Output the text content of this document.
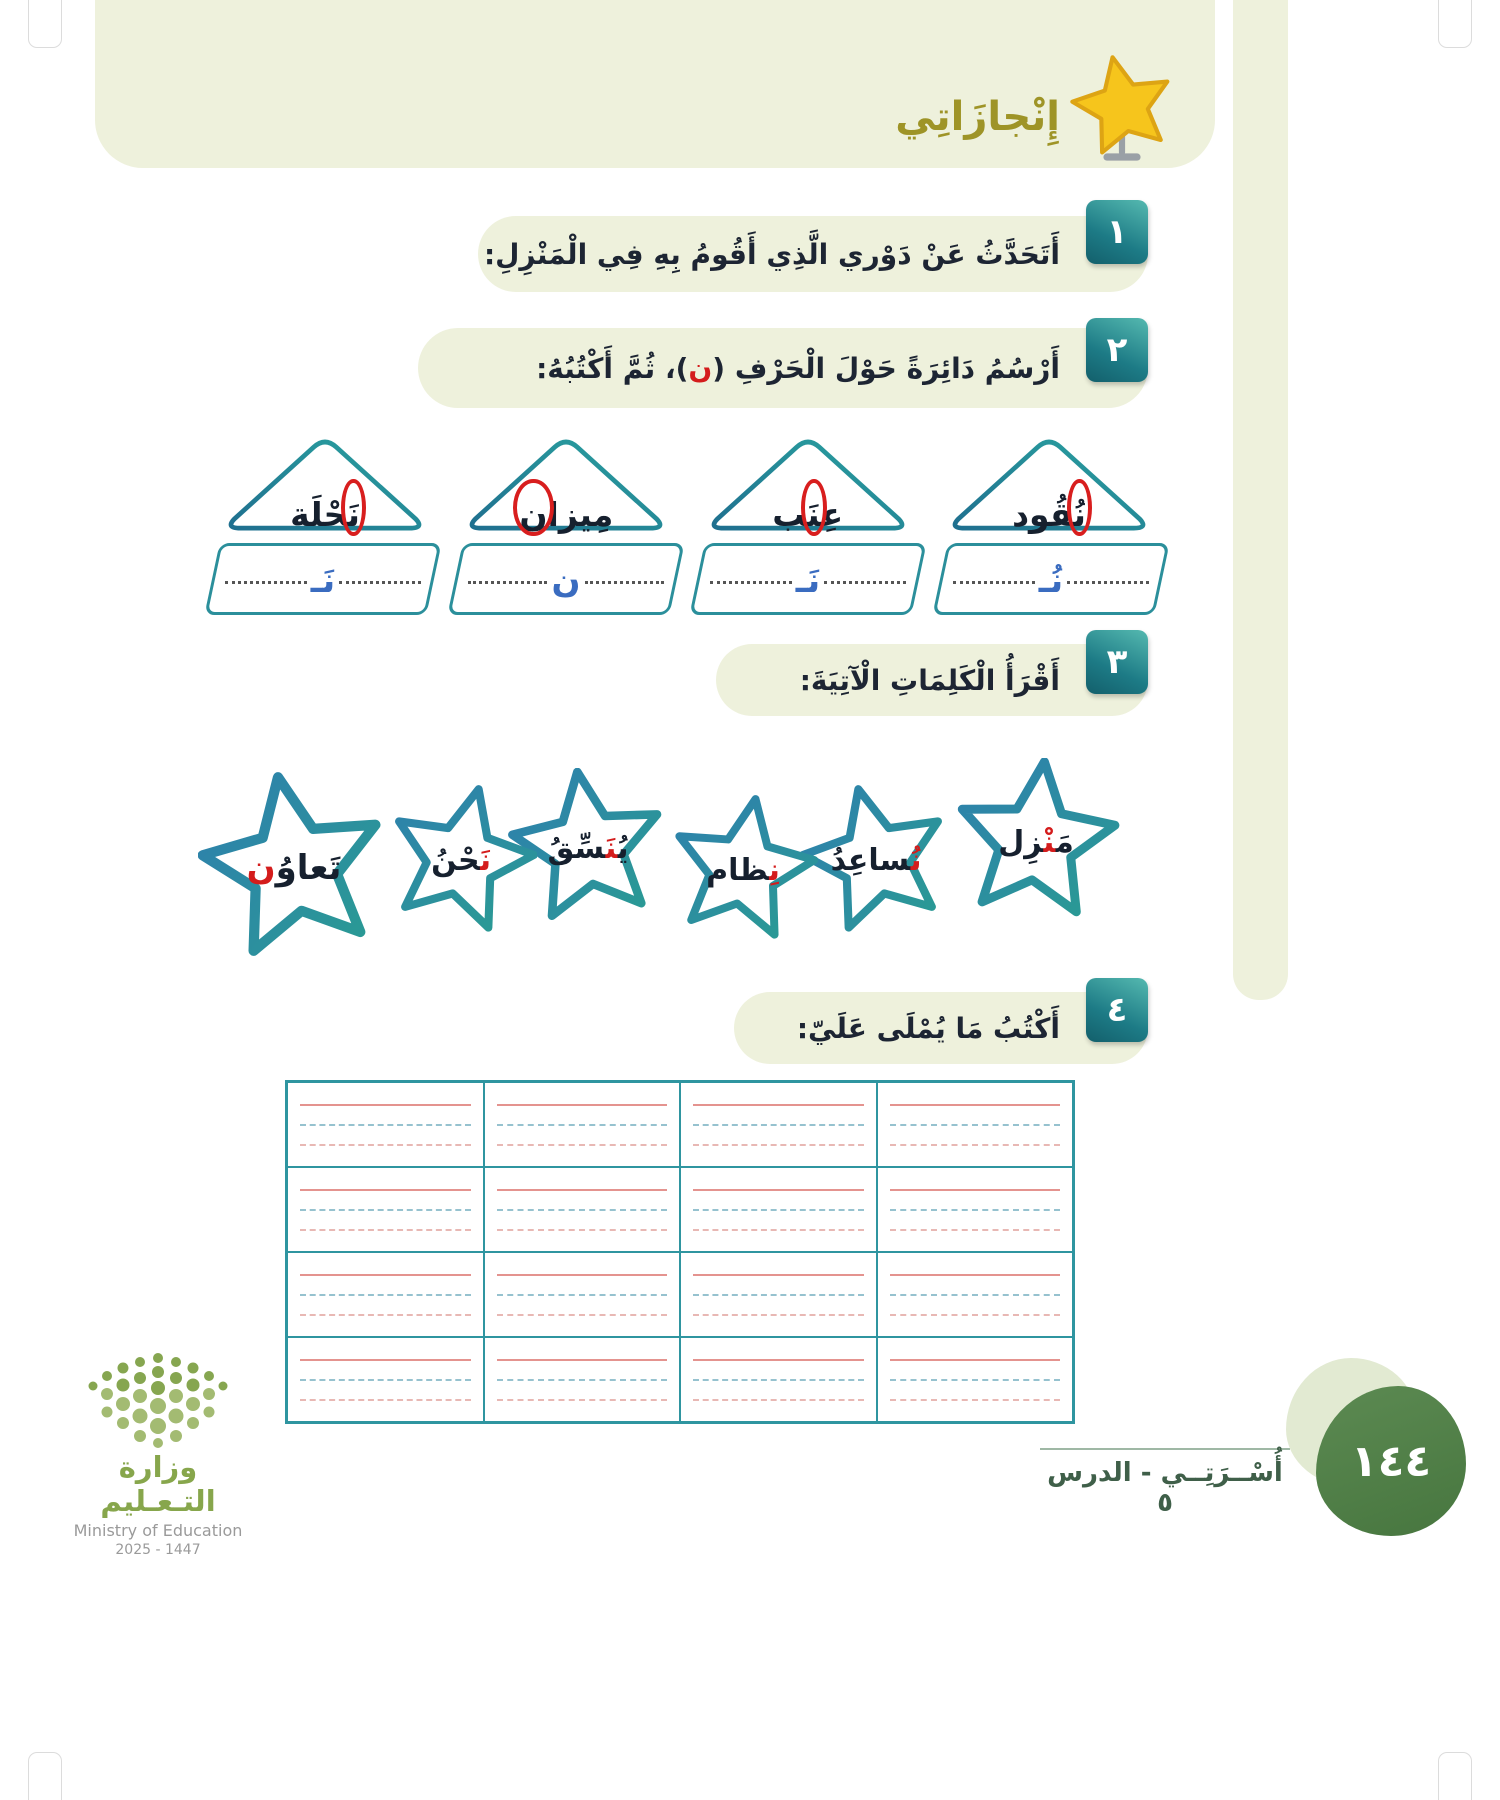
إِنْجازَاتِي
أَتَحَدَّثُ عَنْ دَوْري الَّذِي أَقُومُ بِهِ فِي الْمَنْزِلِ:
١
أَرْسُمُ دَائِرَةً حَوْلَ الْحَرْفِ (ن)، ثُمَّ أَكْتُبُهُ:	٢
نُ‍‍قُود
عِ‍‍نَ‍‍ب
مِيزان
نَ‍‍حْلَة
نُـ
نَـ
ن
نَـ
أَقْرَأُ الْكَلِمَاتِ الْآتِيَةَ: ٣
مَ‍
‍نْ‍
‍زِل
نُ‍
‍ساعِدُ
نِ‍
‍ظام
يُ‍
‍نَ‍
‍سِّقُ
نَ‍
‍حْنُ
تَعاوُ
ن
أَكْتُبُ مَا يُمْلَى عَلَيّ: ٤
أُسْــرَتِــي - الدرس ٥
١٤٤
وزارة التـعـليم
Ministry of Education
2025 - 1447
